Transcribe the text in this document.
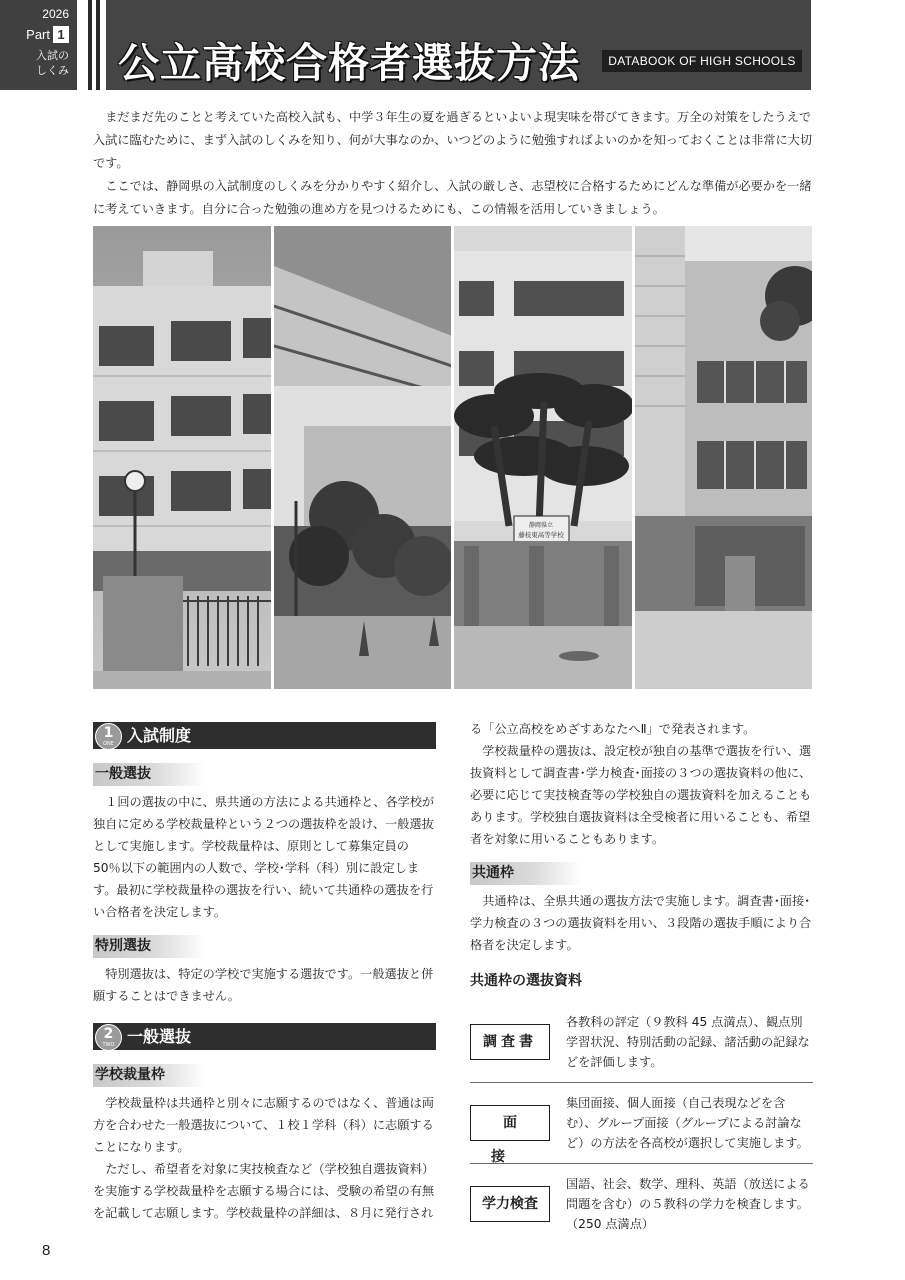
2026
Part 1
入試の
しくみ 公立高校合格者選抜方法	DATABOOK OF HIGH SCHOOLS

まだまだ先のことと考えていた高校入試も、中学３年生の夏を過ぎるといよいよ現実味を帯びてきます。万全の対策をしたうえで入試に臨むために、まず入試のしくみを知り、何が大事なのか、いつどのように勉強すればよいのかを知っておくことは非常に大切です。

ここでは、静岡県の入試制度のしくみを分かりやすく紹介し、入試の厳しさ、志望校に合格するためにどんな準備が必要かを一緒に考えていきます。自分に合った勉強の進め方を見つけるためにも、この情報を活用していきましょう。

静岡県立
藤枝東高等学校
1
ONE 入試制度
一般選抜

１回の選抜の中に、県共通の方法による共通枠と、各学校が独自に定める学校裁量枠という２つの選抜枠を設け、一般選抜として実施します。学校裁量枠は、原則として募集定員の50％以下の範囲内の人数で、学校･学科（科）別に設定します。最初に学校裁量枠の選抜を行い、続いて共通枠の選抜を行い合格者を決定します。

特別選抜

特別選抜は、特定の学校で実施する選抜です。一般選抜と併願することはできません。

2
TWO 一般選抜
学校裁量枠

学校裁量枠は共通枠と別々に志願するのではなく、普通は両方を合わせた一般選抜について、１校１学科（科）に志願することになります。

ただし、希望者を対象に実技検査など（学校独自選抜資料）を実施する学校裁量枠を志願する場合には、受験の希望の有無を記載して志願します。学校裁量枠の詳細は、８月に発行され

る「公立高校をめざすあなたへⅡ」で発表されます。

学校裁量枠の選抜は、設定校が独自の基準で選抜を行い、選抜資料として調査書･学力検査･面接の３つの選抜資料の他に、必要に応じて実技検査等の学校独自の選抜資料を加えることもあります。学校独自選抜資料は全受検者に用いることも、希望者を対象に用いることもあります。

共通枠

共通枠は、全県共通の選抜方法で実施します。調査書･面接･学力検査の３つの選抜資料を用い、３段階の選抜手順により合格者を決定します。

共通枠の選抜資料
調査書
各教科の評定（９教科 45 点満点）、観点別学習状況、特別活動の記録、諸活動の記録などを評価します。
面接
集団面接、個人面接（自己表現などを含む）、グループ面接（グループによる討論など）の方法を各高校が選択して実施します。
学力検査
国語、社会、数学、理科、英語（放送による問題を含む）の５教科の学力を検査します。（250 点満点）
8
